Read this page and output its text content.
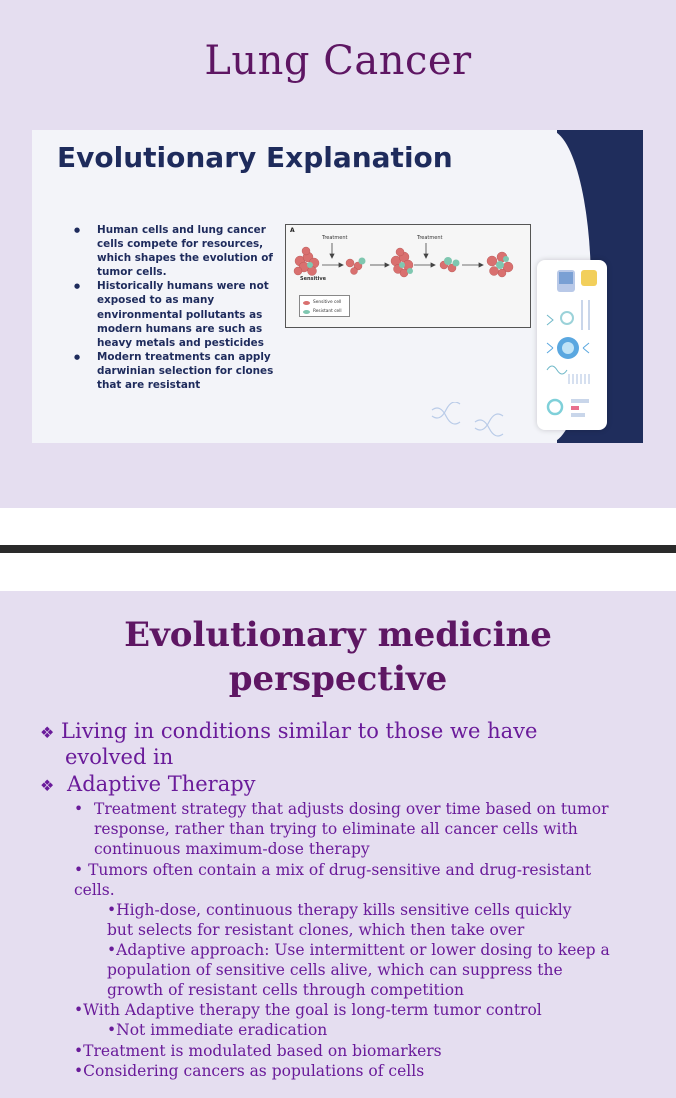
Lung Cancer
Evolutionary Explanation
● Human cells and lung cancer cells compete for resources, which shapes the evolution of tumor cells.
● Historically humans were not exposed to as many environmental pollutants as modern humans are such as heavy metals and pesticides
● Modern treatments can apply darwinian selection for clones that are resistant
A
Treatment	Treatment
Sensitive
Sensitive cell
Resistant cell
Evolutionary medicine
perspective
❖ Living in conditions similar to those we have
evolved in
❖ Adaptive Therapy
• Treatment strategy that adjusts dosing over time based on tumor
response, rather than trying to eliminate all cancer cells with
continuous maximum-dose therapy
• Tumors often contain a mix of drug-sensitive and drug-resistant
cells.
•High-dose, continuous therapy kills sensitive cells quickly
but selects for resistant clones, which then take over
•Adaptive approach: Use intermittent or lower dosing to keep a
population of sensitive cells alive, which can suppress the
growth of resistant cells through competition
•With Adaptive therapy the goal is long-term tumor control
•Not immediate eradication
•Treatment is modulated based on biomarkers
•Considering cancers as populations of cells
